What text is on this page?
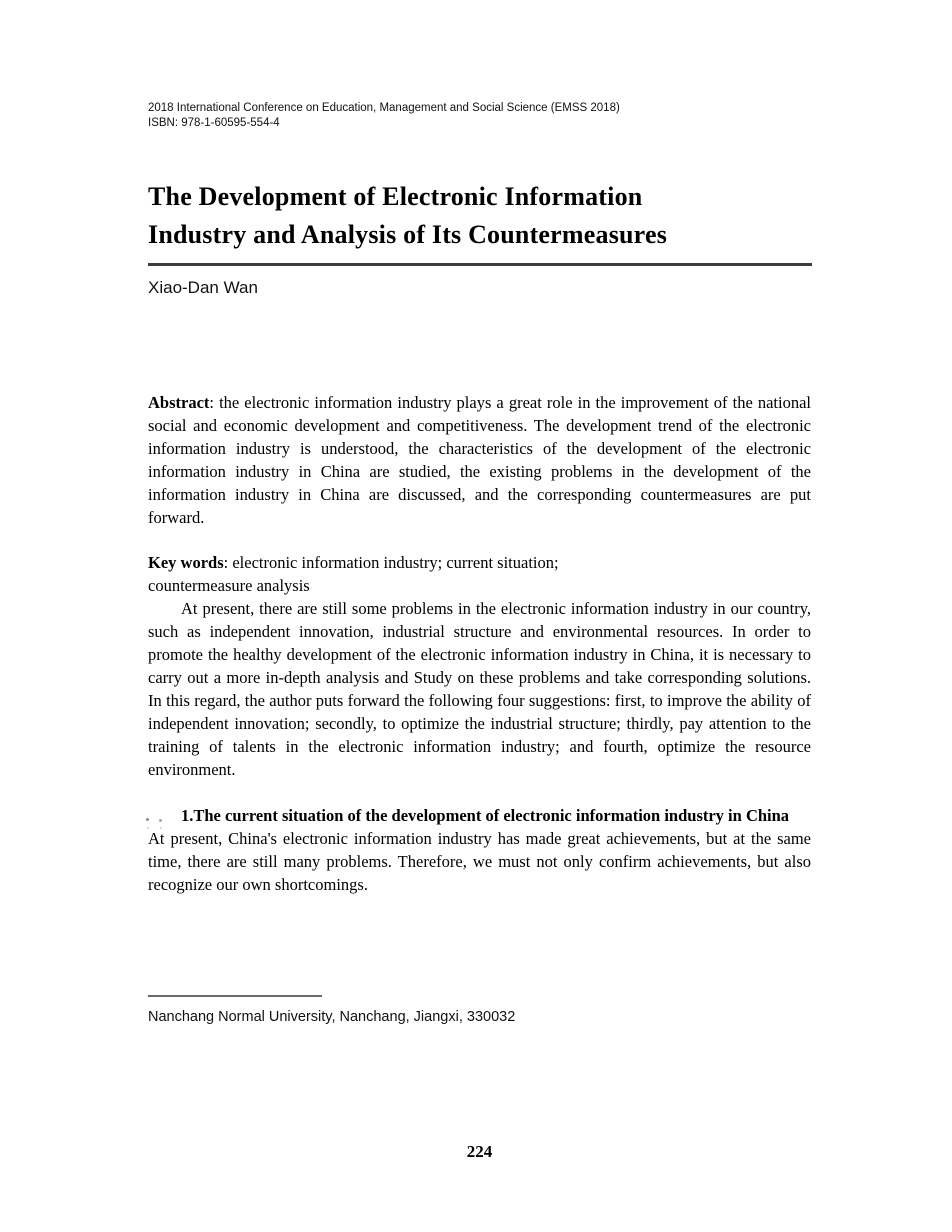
2018 International Conference on Education, Management and Social Science (EMSS 2018)
ISBN: 978-1-60595-554-4
The Development of Electronic Information
Industry and Analysis of Its Countermeasures
Xiao-Dan Wan

Abstract: the electronic information industry plays a great role in the improvement of the national social and economic development and competitiveness. The development trend of the electronic information industry is understood, the characteristics of the development of the electronic information industry in China are studied, the existing problems in the development of the information industry in China are discussed, and the corresponding countermeasures are put forward.

Key words: electronic information industry; current situation;
countermeasure analysis

At present, there are still some problems in the electronic information industry in our country, such as independent innovation, industrial structure and environmental resources. In order to promote the healthy development of the electronic information industry in China, it is necessary to carry out a more in-depth analysis and Study on these problems and take corresponding solutions. In this regard, the author puts forward the following four suggestions: first, to improve the ability of independent innovation; secondly, to optimize the industrial structure; thirdly, pay attention to the training of talents in the electronic information industry; and fourth, optimize the resource environment.

1.The current situation of the development of electronic information industry in China

At present, China's electronic information industry has made great achievements, but at the same time, there are still many problems. Therefore, we must not only confirm achievements, but also recognize our own shortcomings.

Nanchang Normal University, Nanchang, Jiangxi, 330032
224
